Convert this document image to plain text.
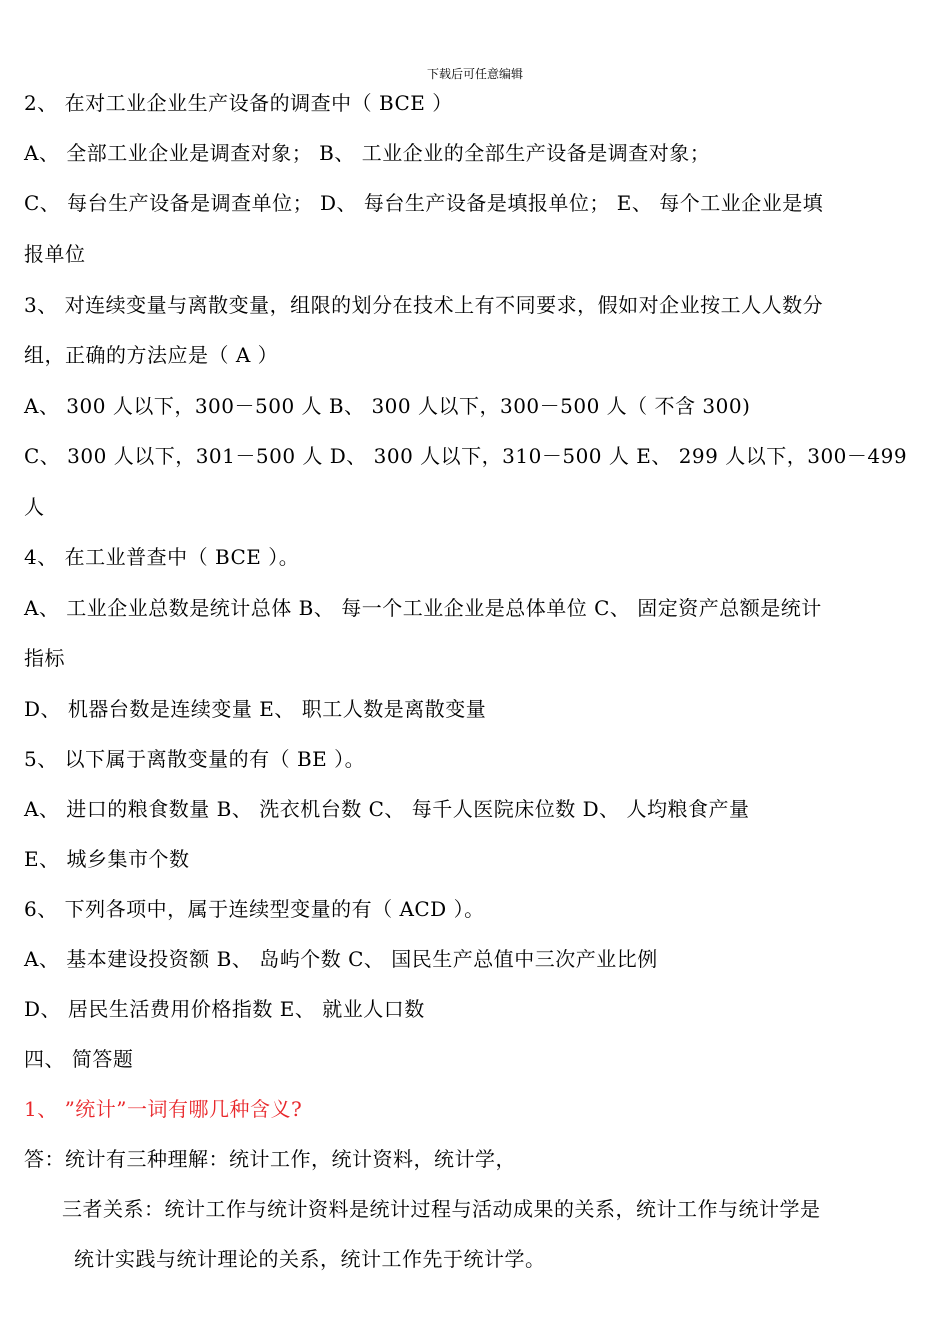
下载后可任意编辑
2、 在对工业企业生产设备的调查中（ BCE ）
A、 全部工业企业是调查对象； B、 工业企业的全部生产设备是调查对象；
C、 每台生产设备是调查单位； D、 每台生产设备是填报单位； E、 每个工业企业是填
报单位
3、 对连续变量与离散变量，组限的划分在技术上有不同要求，假如对企业按工人人数分
组，正确的方法应是（ A ）
A、 300 人以下，300－500 人 B、 300 人以下，300－500 人（ 不含 300)
C、 300 人以下，301－500 人 D、 300 人以下，310－500 人 E、 299 人以下，300－499
人
4、 在工业普查中（ BCE ）。
A、 工业企业总数是统计总体 B、 每一个工业企业是总体单位 C、 固定资产总额是统计
指标
D、 机器台数是连续变量 E、 职工人数是离散变量
5、 以下属于离散变量的有（ BE ）。
A、 进口的粮食数量 B、 洗衣机台数 C、 每千人医院床位数 D、 人均粮食产量
E、 城乡集市个数
6、 下列各项中，属于连续型变量的有（ ACD ）。
A、 基本建设投资额 B、 岛屿个数 C、 国民生产总值中三次产业比例
D、 居民生活费用价格指数 E、 就业人口数
四、 简答题
1、 ”统计”一词有哪几种含义?
答：统计有三种理解：统计工作，统计资料，统计学，
三者关系：统计工作与统计资料是统计过程与活动成果的关系，统计工作与统计学是
统计实践与统计理论的关系，统计工作先于统计学。
